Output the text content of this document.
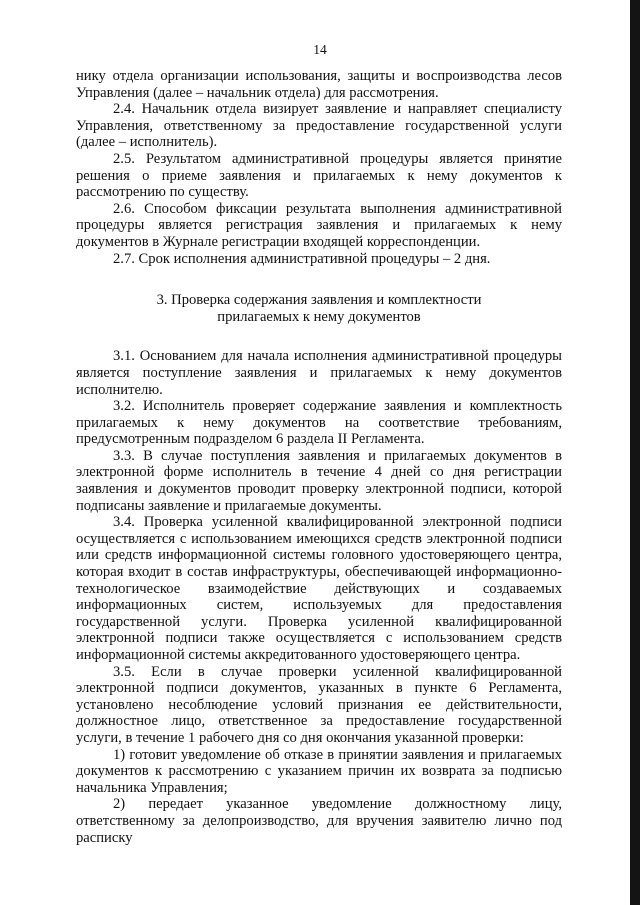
14

нику отдела организации использования, защиты и воспроизводства лесов Управления (далее – начальник отдела) для рассмотрения.

2.4. Начальник отдела визирует заявление и направляет специалисту Управления, ответственному за предоставление государственной услуги (далее – исполнитель).

2.5. Результатом административной процедуры является принятие решения о приеме заявления и прилагаемых к нему документов к рассмотрению по существу.

2.6. Способом фиксации результата выполнения административной процедуры является регистрация заявления и прилагаемых к нему документов в Журнале регистрации входящей корреспонденции.

2.7. Срок исполнения административной процедуры – 2 дня.

3. Проверка содержания заявления и комплектности
прилагаемых к нему документов

3.1. Основанием для начала исполнения административной процедуры является поступление заявления и прилагаемых к нему документов исполнителю.

3.2. Исполнитель проверяет содержание заявления и комплектность прилагаемых к нему документов на соответствие требованиям, предусмотренным подразделом 6 раздела II Регламента.

3.3. В случае поступления заявления и прилагаемых документов в электронной форме исполнитель в течение 4 дней со дня регистрации заявления и документов проводит проверку электронной подписи, которой подписаны заявление и прилагаемые документы.

3.4. Проверка усиленной квалифицированной электронной подписи осуществляется с использованием имеющихся средств электронной подписи или средств информационной системы головного удостоверяющего центра, которая входит в состав инфраструктуры, обеспечивающей информационно-технологическое взаимодействие действующих и создаваемых информационных систем, используемых для предоставления государственной услуги. Проверка усиленной квалифицированной электронной подписи также осуществляется с использованием средств информационной системы аккредитованного удостоверяющего центра.

3.5. Если в случае проверки усиленной квалифицированной электронной подписи документов, указанных в пункте 6 Регламента, установлено несоблюдение условий признания ее действительности, должностное лицо, ответственное за предоставление государственной услуги, в течение 1 рабочего дня со дня окончания указанной проверки:

1) готовит уведомление об отказе в принятии заявления и прилагаемых документов к рассмотрению с указанием причин их возврата за подписью начальника Управления;

2) передает указанное уведомление должностному лицу, ответственному за делопроизводство, для вручения заявителю лично под расписку
